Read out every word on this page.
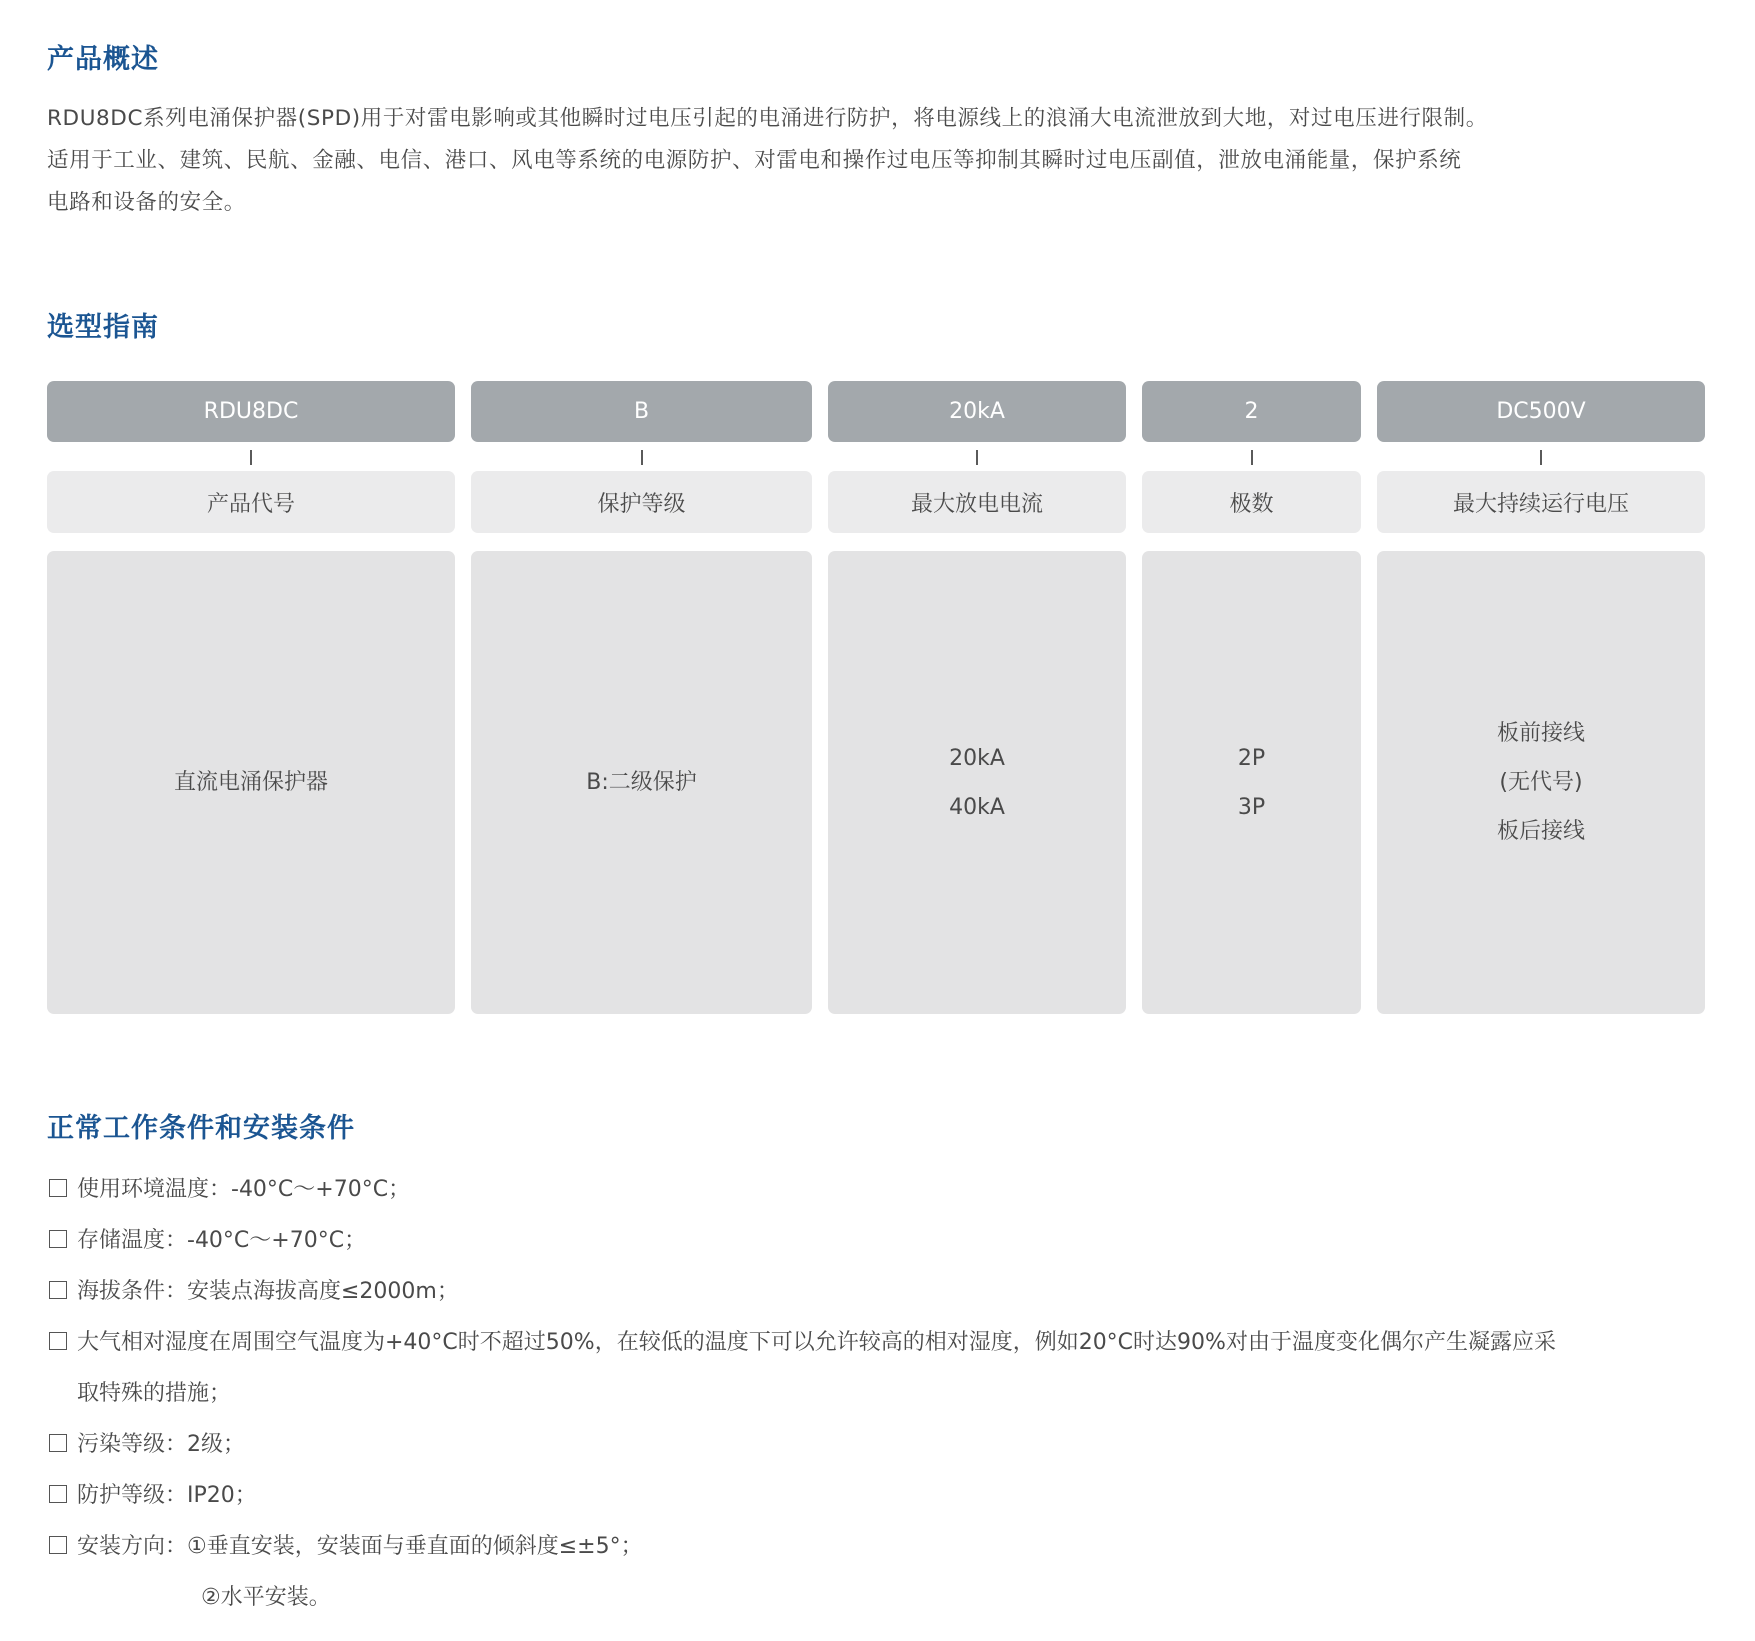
产品概述

RDU8DC系列电涌保护器(SPD)用于对雷电影响或其他瞬时过电压引起的电涌进行防护，将电源线上的浪涌大电流泄放到大地，对过电压进行限制。
适用于工业、建筑、民航、金融、电信、港口、风电等系统的电源防护、对雷电和操作过电压等抑制其瞬时过电压副值，泄放电涌能量，保护系统
电路和设备的安全。

选型指南
RDU8DC
产品代号
直流电涌保护器
B
保护等级
B:二级保护
20kA
最大放电电流
20kA
40kA
2
极数
2P
3P
DC500V
最大持续运行电压
板前接线
(无代号)
板后接线
正常工作条件和安装条件
使用环境温度：-40°C～+70°C；
存储温度：-40°C～+70°C；
海拔条件：安装点海拔高度≤2000m；
大气相对湿度在周围空气温度为+40°C时不超过50%，在较低的温度下可以允许较高的相对湿度，例如20°C时达90%对由于温度变化偶尔产生凝露应采
取特殊的措施；
污染等级：2级；
防护等级：IP20；
安装方向：①垂直安装，安装面与垂直面的倾斜度≤±5°；
②水平安装。
